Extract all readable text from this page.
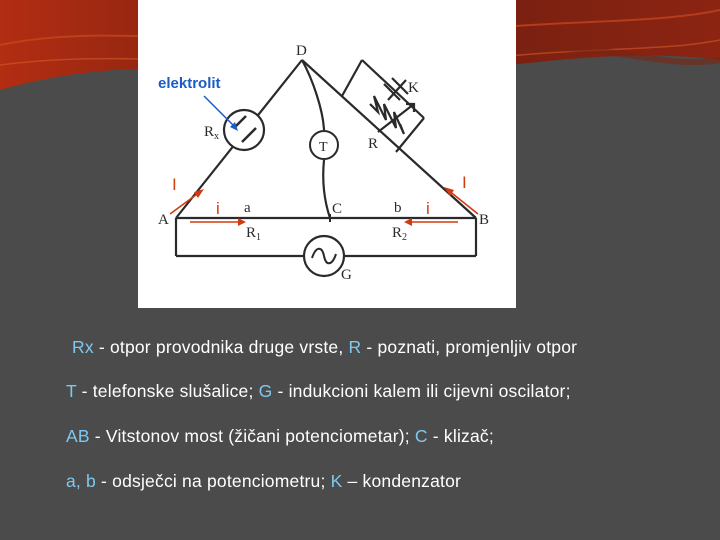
D
A	B
C
K
R
T
G
a	b
$R_x$
$R_1$	$R_2$
elektrolit
I	I
i	i
Rx - otpor provodnika druge vrste, R - poznati, promjenljiv otpor
T - telefonske slušalice; G - indukcioni kalem ili cijevni oscilator;
AB - Vitstonov most (žičani potenciometar); C - klizač;
a, b - odsječci na potenciometru; K – kondenzator
